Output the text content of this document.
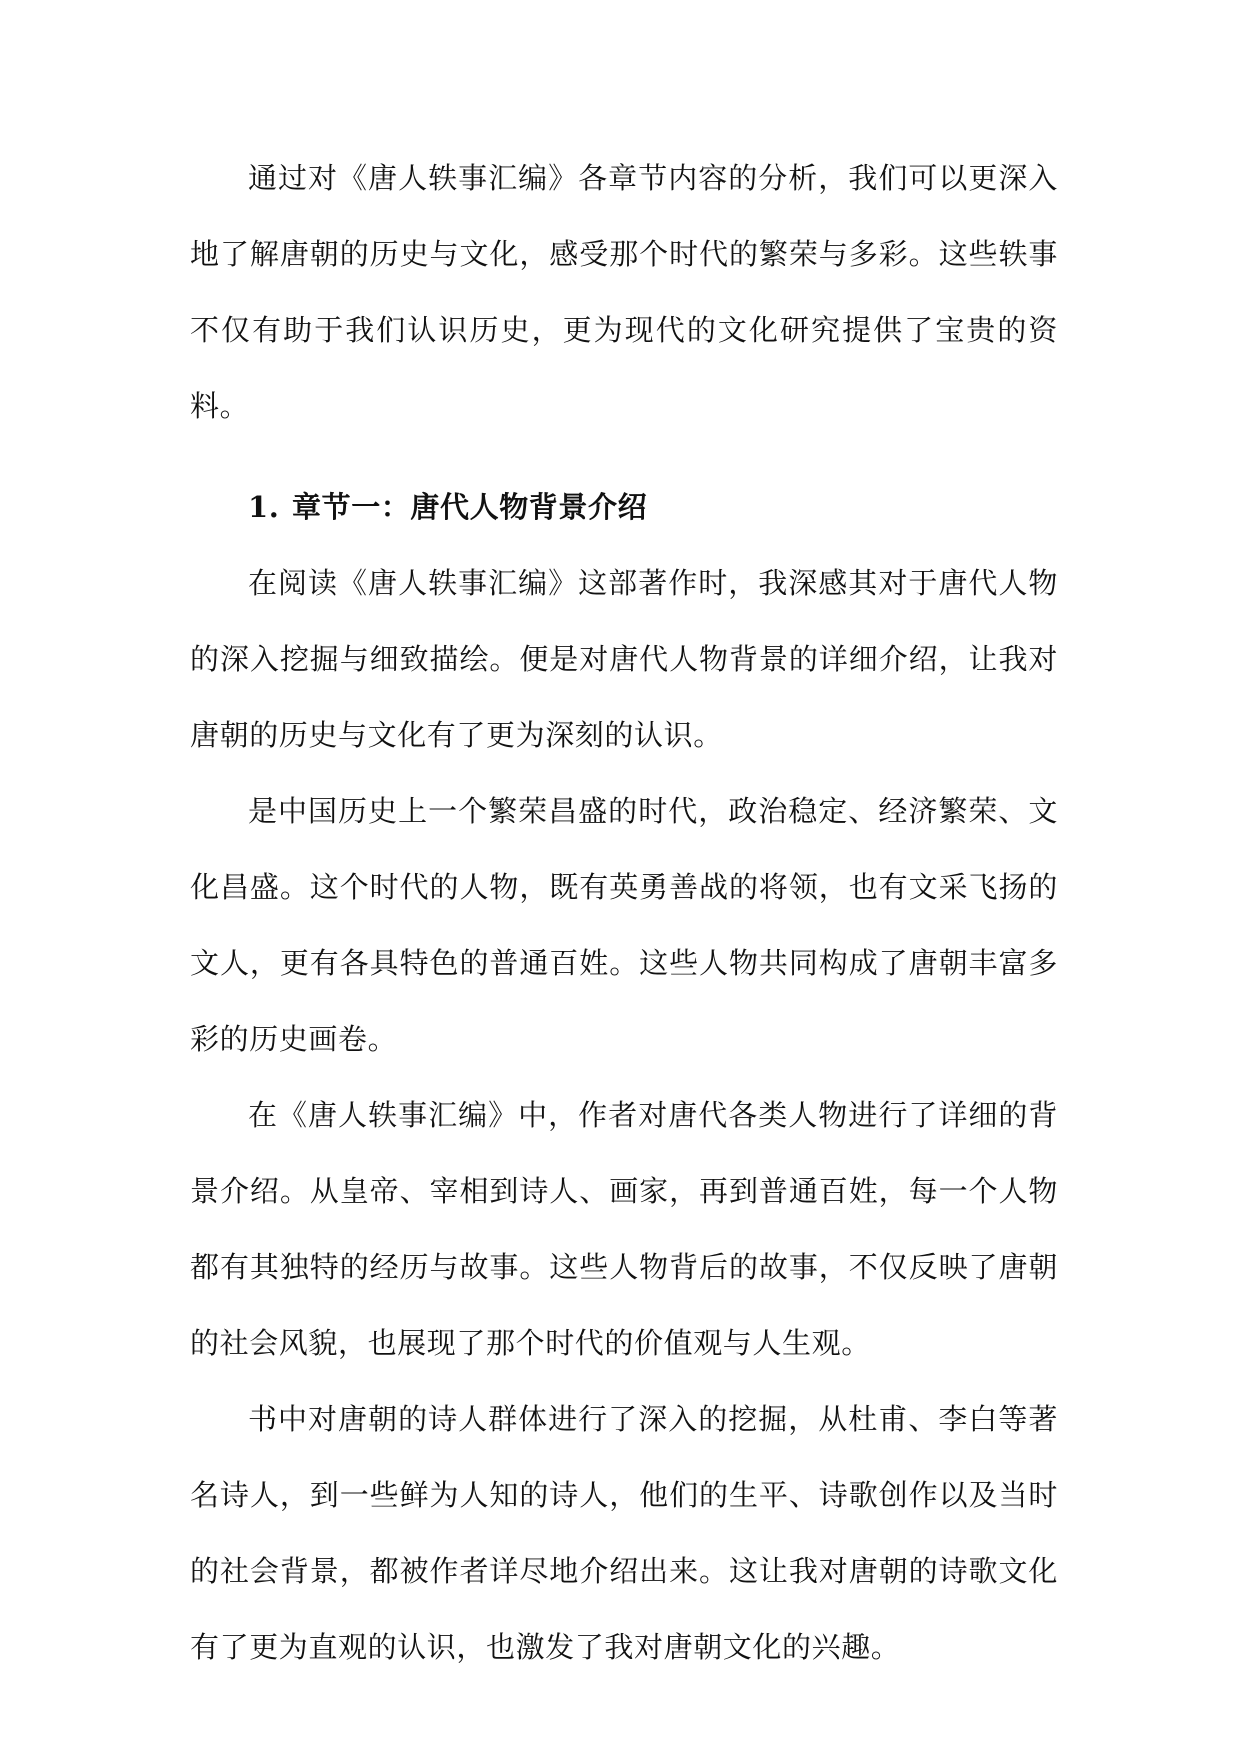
通过对《唐人轶事汇编》各章节内容的分析，我们可以更深入地了解唐朝的历史与文化，感受那个时代的繁荣与多彩。这些轶事不仅有助于我们认识历史，更为现代的文化研究提供了宝贵的资料。

1. 章节一：唐代人物背景介绍

在阅读《唐人轶事汇编》这部著作时，我深感其对于唐代人物的深入挖掘与细致描绘。便是对唐代人物背景的详细介绍，让我对唐朝的历史与文化有了更为深刻的认识。

是中国历史上一个繁荣昌盛的时代，政治稳定、经济繁荣、文化昌盛。这个时代的人物，既有英勇善战的将领，也有文采飞扬的文人，更有各具特色的普通百姓。这些人物共同构成了唐朝丰富多彩的历史画卷。

在《唐人轶事汇编》中，作者对唐代各类人物进行了详细的背景介绍。从皇帝、宰相到诗人、画家，再到普通百姓，每一个人物都有其独特的经历与故事。这些人物背后的故事，不仅反映了唐朝的社会风貌，也展现了那个时代的价值观与人生观。

书中对唐朝的诗人群体进行了深入的挖掘，从杜甫、李白等著名诗人，到一些鲜为人知的诗人，他们的生平、诗歌创作以及当时的社会背景，都被作者详尽地介绍出来。这让我对唐朝的诗歌文化有了更为直观的认识，也激发了我对唐朝文化的兴趣。
